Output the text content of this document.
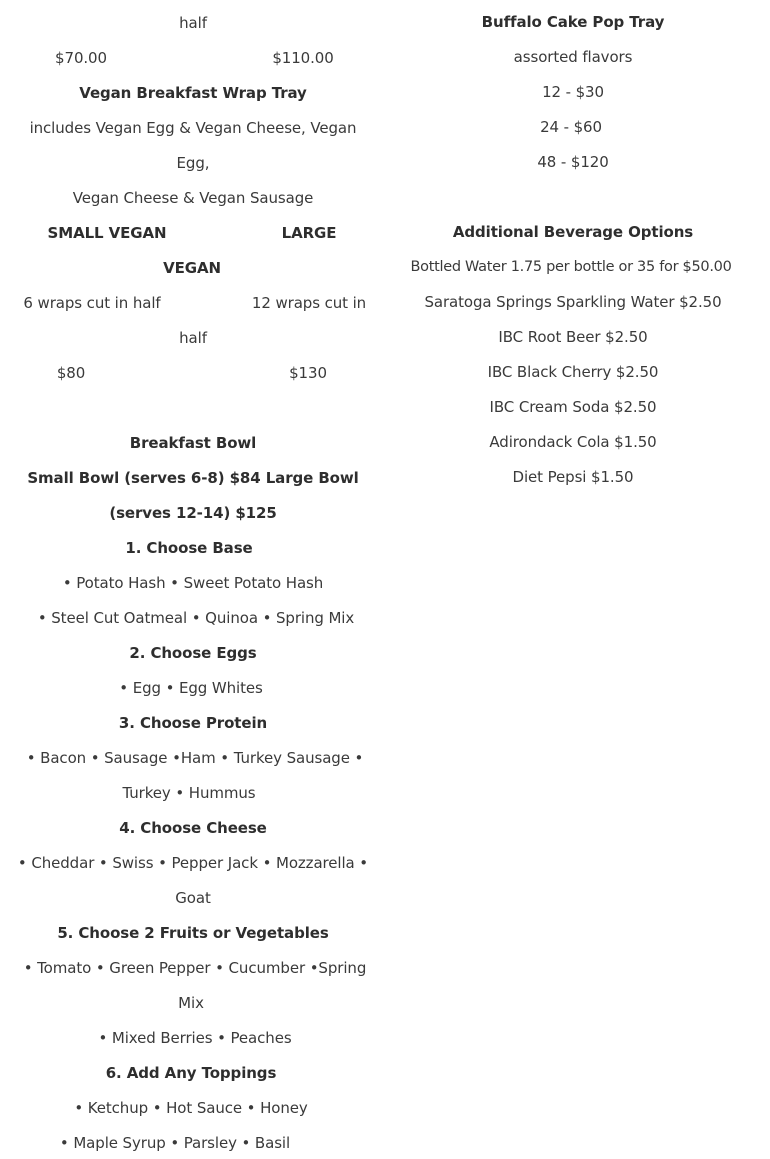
half
$70.00	$110.00
Vegan Breakfast Wrap Tray
includes Vegan Egg & Vegan Cheese, Vegan
Egg,
Vegan Cheese & Vegan Sausage
SMALL VEGAN	LARGE
VEGAN
6 wraps cut in half	12 wraps cut in
half
$80	$130
Breakfast Bowl
Small Bowl (serves 6-8) $84 Large Bowl
(serves 12-14) $125
1. Choose Base
• Potato Hash • Sweet Potato Hash
• Steel Cut Oatmeal • Quinoa • Spring Mix
2. Choose Eggs
• Egg • Egg Whites
3. Choose Protein
• Bacon • Sausage •Ham • Turkey Sausage •
Turkey • Hummus
4. Choose Cheese
• Cheddar • Swiss • Pepper Jack • Mozzarella •
Goat
5. Choose 2 Fruits or Vegetables
• Tomato • Green Pepper • Cucumber •Spring
Mix
• Mixed Berries • Peaches
6. Add Any Toppings
• Ketchup • Hot Sauce • Honey
• Maple Syrup • Parsley • Basil
Buffalo Cake Pop Tray
assorted flavors
12 - $30
24 - $60
48 - $120
Additional Beverage Options
Bottled Water 1.75 per bottle or 35 for $50.00
Saratoga Springs Sparkling Water $2.50
IBC Root Beer $2.50
IBC Black Cherry $2.50
IBC Cream Soda $2.50
Adirondack Cola $1.50
Diet Pepsi $1.50
